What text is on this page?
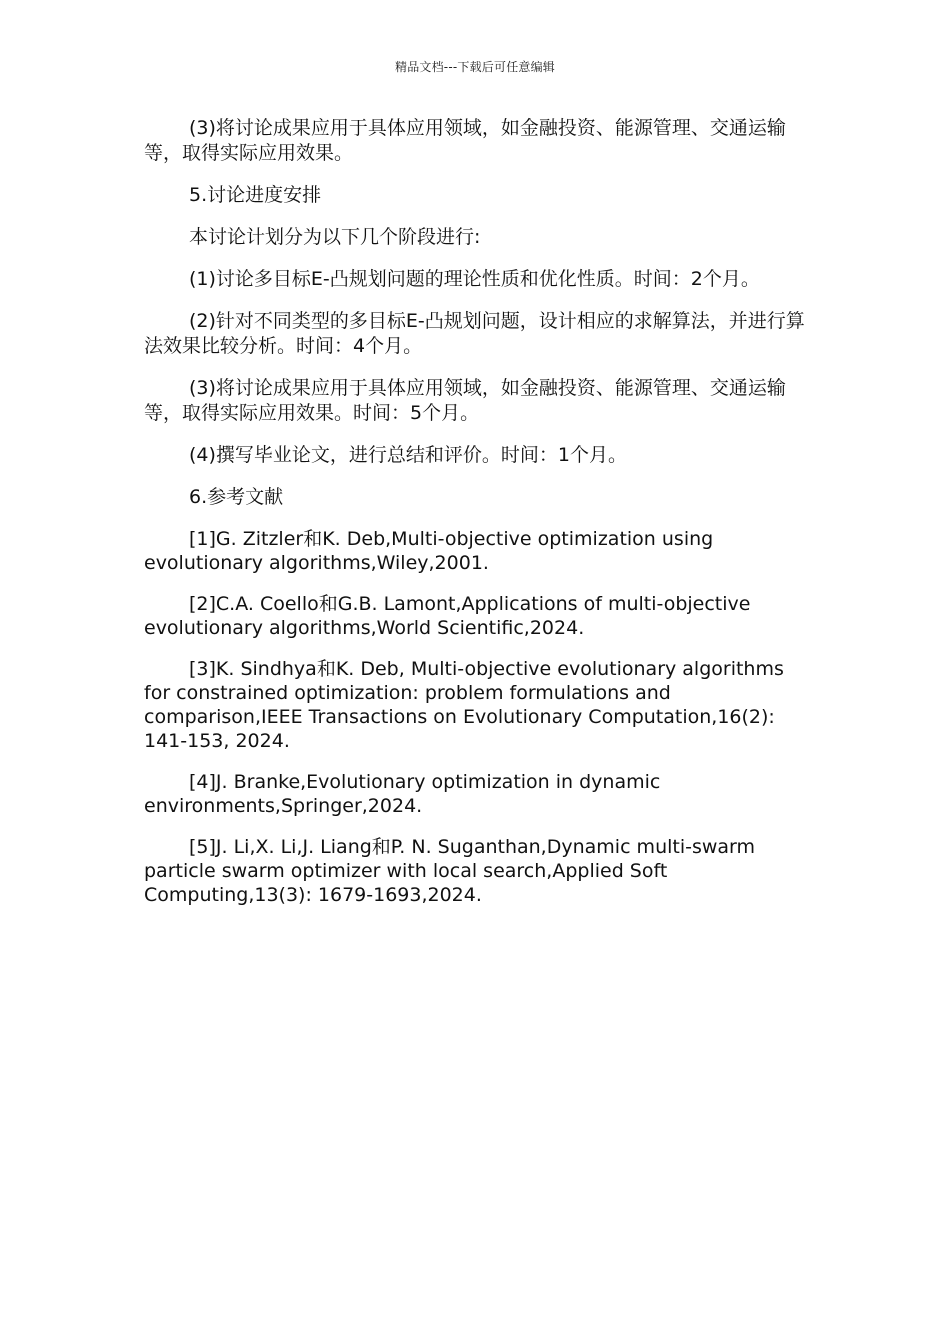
精品文档---下载后可任意编辑

(3)将讨论成果应用于具体应用领域，如金融投资、能源管理、交通运输等，取得实际应用效果。

5.讨论进度安排

本讨论计划分为以下几个阶段进行:

(1)讨论多目标E-凸规划问题的理论性质和优化性质。时间：2个月。

(2)针对不同类型的多目标E-凸规划问题，设计相应的求解算法，并进行算法效果比较分析。时间：4个月。

(3)将讨论成果应用于具体应用领域，如金融投资、能源管理、交通运输等，取得实际应用效果。时间：5个月。

(4)撰写毕业论文，进行总结和评价。时间：1个月。

6.参考文献

[1]G. Zitzler和K. Deb,Multi-objective optimization using evolutionary algorithms,Wiley,2001.

[2]C.A. Coello和G.B. Lamont,Applications of multi-objective evolutionary algorithms,World Scientific,2024.

[3]K. Sindhya和K. Deb, Multi-objective evolutionary algorithms for constrained optimization: problem formulations and comparison,IEEE Transactions on Evolutionary Computation,16(2): 141-153, 2024.

[4]J. Branke,Evolutionary optimization in dynamic environments,Springer,2024.

[5]J. Li,X. Li,J. Liang和P. N. Suganthan,Dynamic multi-swarm particle swarm optimizer with local search,Applied Soft Computing,13(3): 1679-1693,2024.
